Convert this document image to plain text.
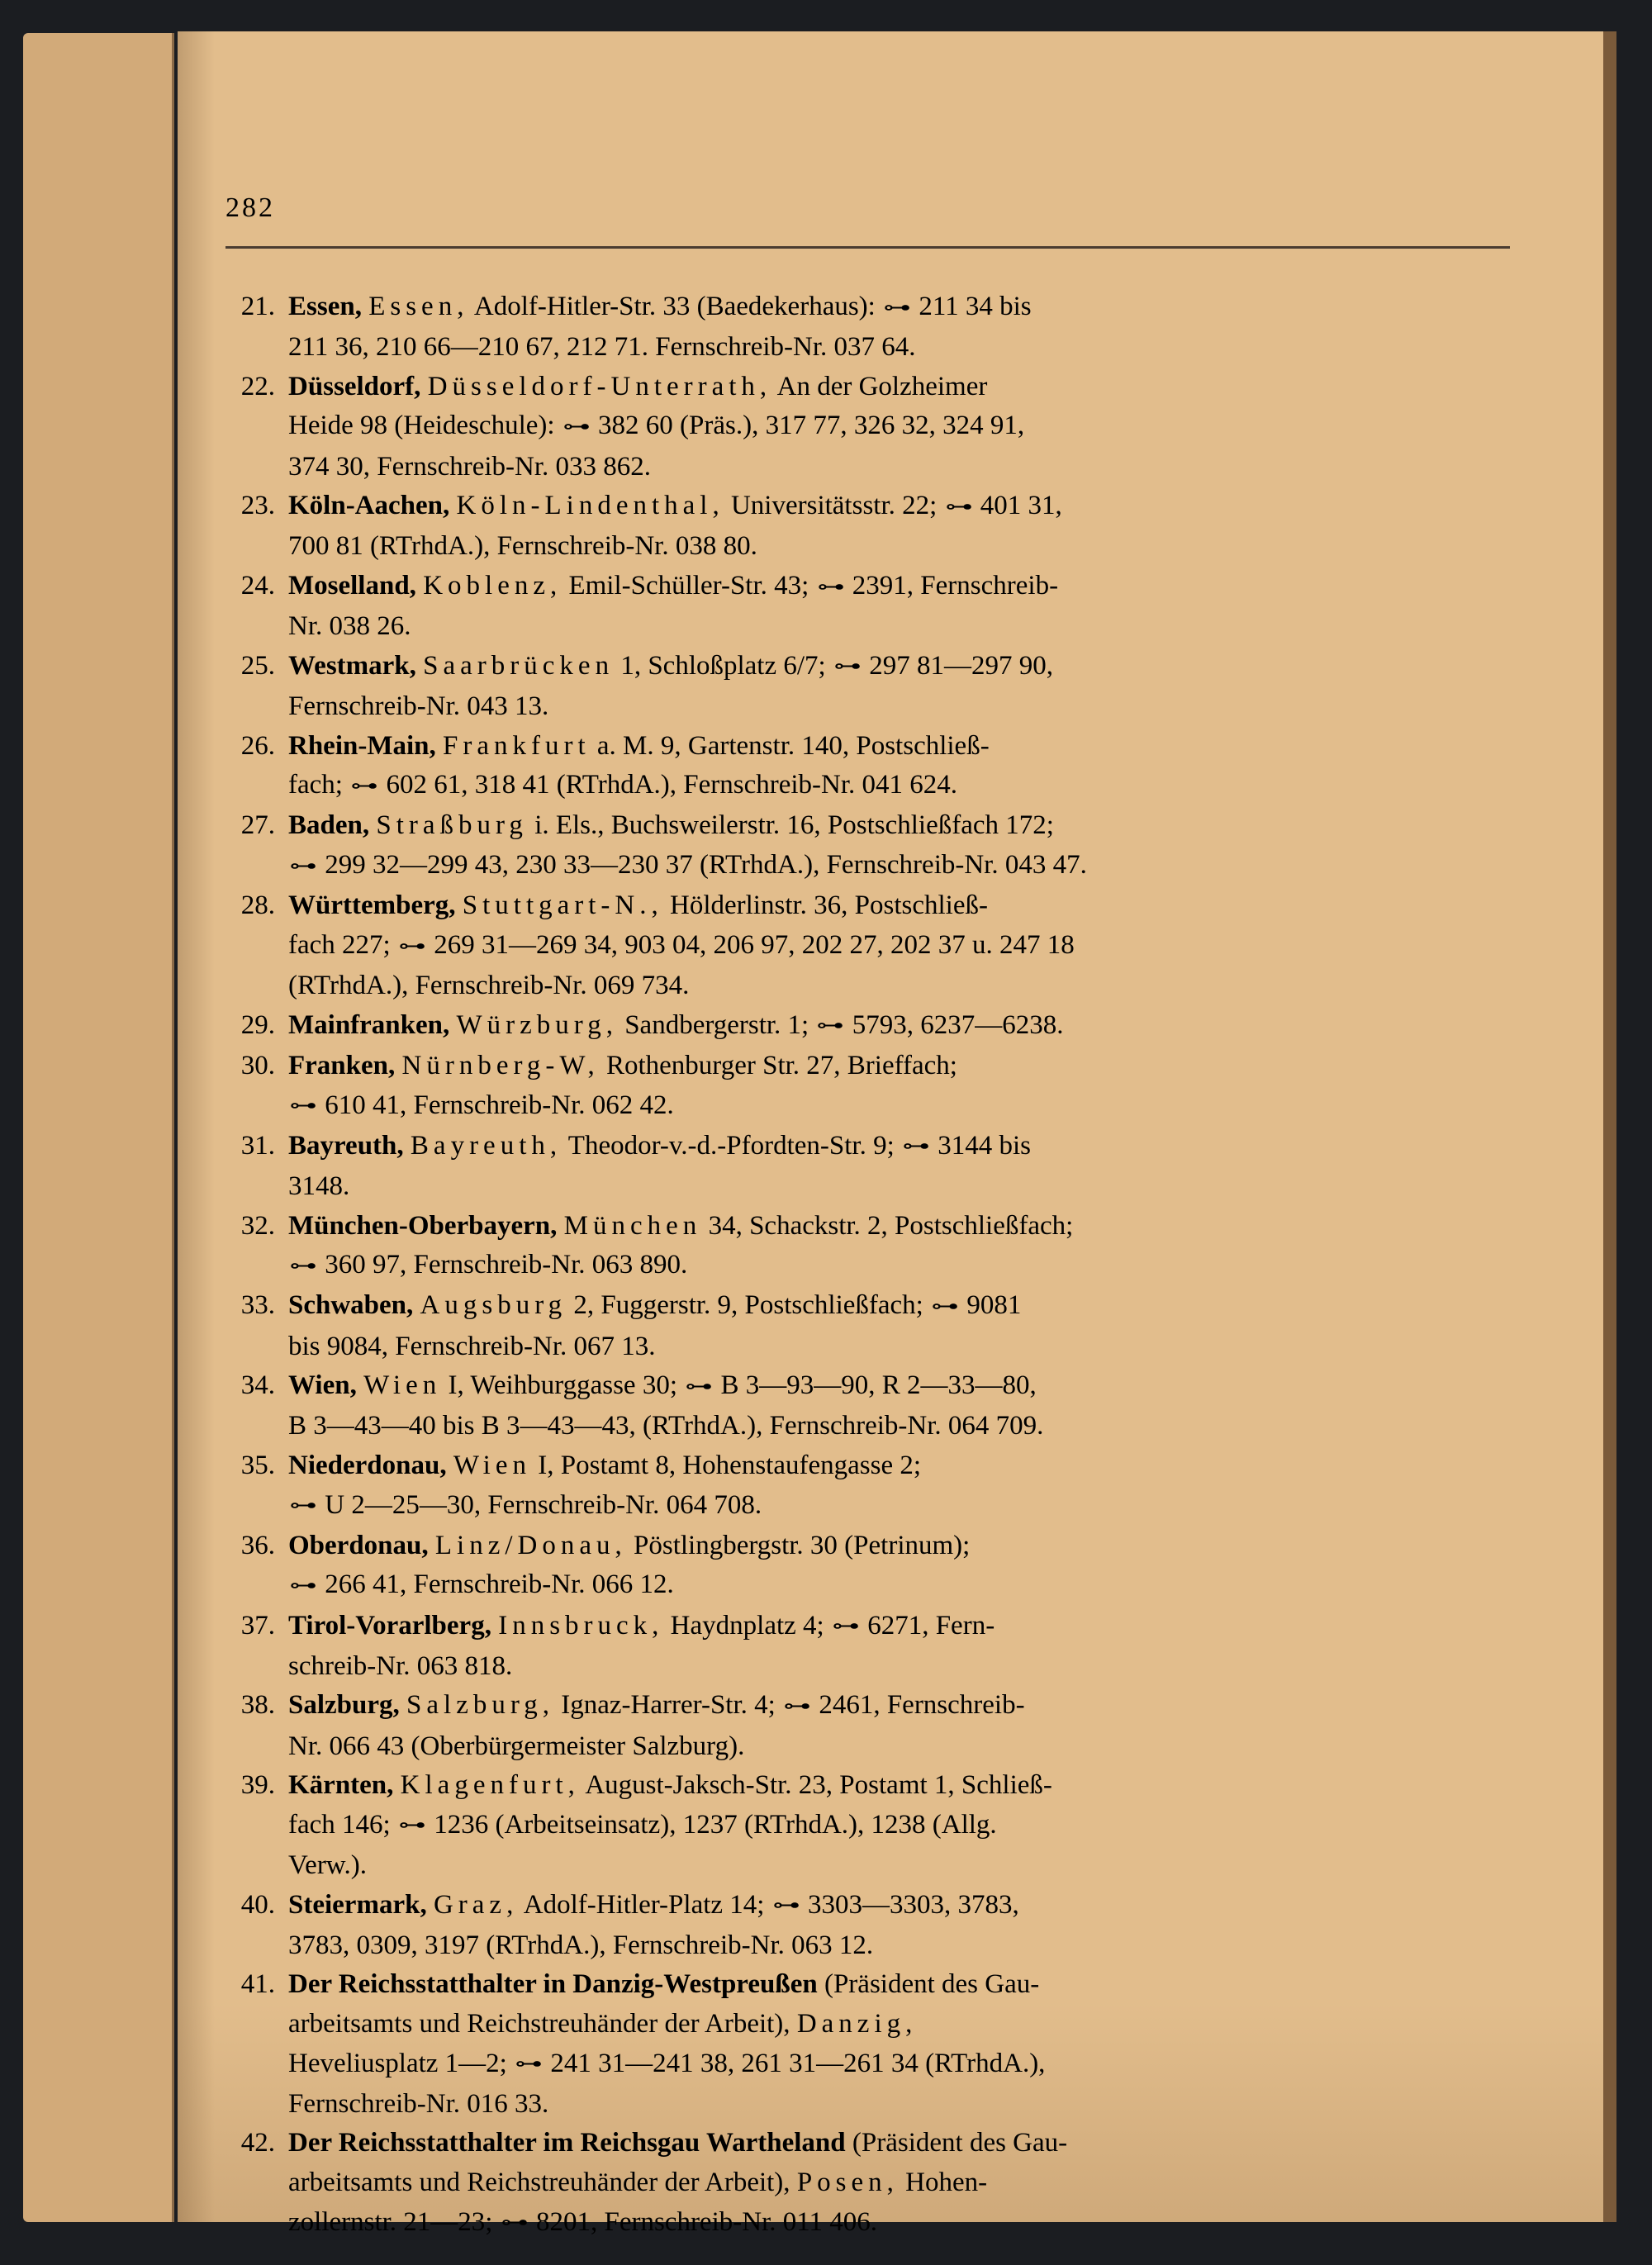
282
21. Essen, Essen, Adolf-Hitler-Str. 33 (Baedekerhaus): ⊶ 211 34 bis
211 36, 210 66—210 67, 212 71. Fernschreib-Nr. 037 64.
22. Düsseldorf, Düsseldorf-Unterrath, An der Golzheimer
Heide 98 (Heideschule): ⊶ 382 60 (Präs.), 317 77, 326 32, 324 91,
374 30, Fernschreib-Nr. 033 862.
23. Köln-Aachen, Köln-Lindenthal, Universitätsstr. 22; ⊶ 401 31,
700 81 (RTrhdA.), Fernschreib-Nr. 038 80.
24. Moselland, Koblenz, Emil-Schüller-Str. 43; ⊶ 2391, Fernschreib-
Nr. 038 26.
25. Westmark, Saarbrücken 1, Schloßplatz 6/7; ⊶ 297 81—297 90,
Fernschreib-Nr. 043 13.
26. Rhein-Main, Frankfurt a. M. 9, Gartenstr. 140, Postschließ-
fach; ⊶ 602 61, 318 41 (RTrhdA.), Fernschreib-Nr. 041 624.
27. Baden, Straßburg i. Els., Buchsweilerstr. 16, Postschließfach 172;
⊶ 299 32—299 43, 230 33—230 37 (RTrhdA.), Fernschreib-Nr. 043 47.
28. Württemberg, Stuttgart-N., Hölderlinstr. 36, Postschließ-
fach 227; ⊶ 269 31—269 34, 903 04, 206 97, 202 27, 202 37 u. 247 18
(RTrhdA.), Fernschreib-Nr. 069 734.
29. Mainfranken, Würzburg, Sandbergerstr. 1; ⊶ 5793, 6237—6238.
30. Franken, Nürnberg-W, Rothenburger Str. 27, Brieffach;
⊶ 610 41, Fernschreib-Nr. 062 42.
31. Bayreuth, Bayreuth, Theodor-v.-d.-Pfordten-Str. 9; ⊶ 3144 bis
3148.
32. München-Oberbayern, München 34, Schackstr. 2, Postschließfach;
⊶ 360 97, Fernschreib-Nr. 063 890.
33. Schwaben, Augsburg 2, Fuggerstr. 9, Postschließfach; ⊶ 9081
bis 9084, Fernschreib-Nr. 067 13.
34. Wien, Wien I, Weihburggasse 30; ⊶ B 3—93—90, R 2—33—80,
B 3—43—40 bis B 3—43—43, (RTrhdA.), Fernschreib-Nr. 064 709.
35. Niederdonau, Wien I, Postamt 8, Hohenstaufengasse 2;
⊶ U 2—25—30, Fernschreib-Nr. 064 708.
36. Oberdonau, Linz/Donau, Pöstlingbergstr. 30 (Petrinum);
⊶ 266 41, Fernschreib-Nr. 066 12.
37. Tirol-Vorarlberg, Innsbruck, Haydnplatz 4; ⊶ 6271, Fern-
schreib-Nr. 063 818.
38. Salzburg, Salzburg, Ignaz-Harrer-Str. 4; ⊶ 2461, Fernschreib-
Nr. 066 43 (Oberbürgermeister Salzburg).
39. Kärnten, Klagenfurt, August-Jaksch-Str. 23, Postamt 1, Schließ-
fach 146; ⊶ 1236 (Arbeitseinsatz), 1237 (RTrhdA.), 1238 (Allg.
Verw.).
40. Steiermark, Graz, Adolf-Hitler-Platz 14; ⊶ 3303—3303, 3783,
3783, 0309, 3197 (RTrhdA.), Fernschreib-Nr. 063 12.
41. Der Reichsstatthalter in Danzig-Westpreußen (Präsident des Gau-
arbeitsamts und Reichstreuhänder der Arbeit), Danzig,
Heveliusplatz 1—2; ⊶ 241 31—241 38, 261 31—261 34 (RTrhdA.),
Fernschreib-Nr. 016 33.
42. Der Reichsstatthalter im Reichsgau Wartheland (Präsident des Gau-
arbeitsamts und Reichstreuhänder der Arbeit), Posen, Hohen-
zollernstr. 21—23; ⊶ 8201, Fernschreib-Nr. 011 406.
